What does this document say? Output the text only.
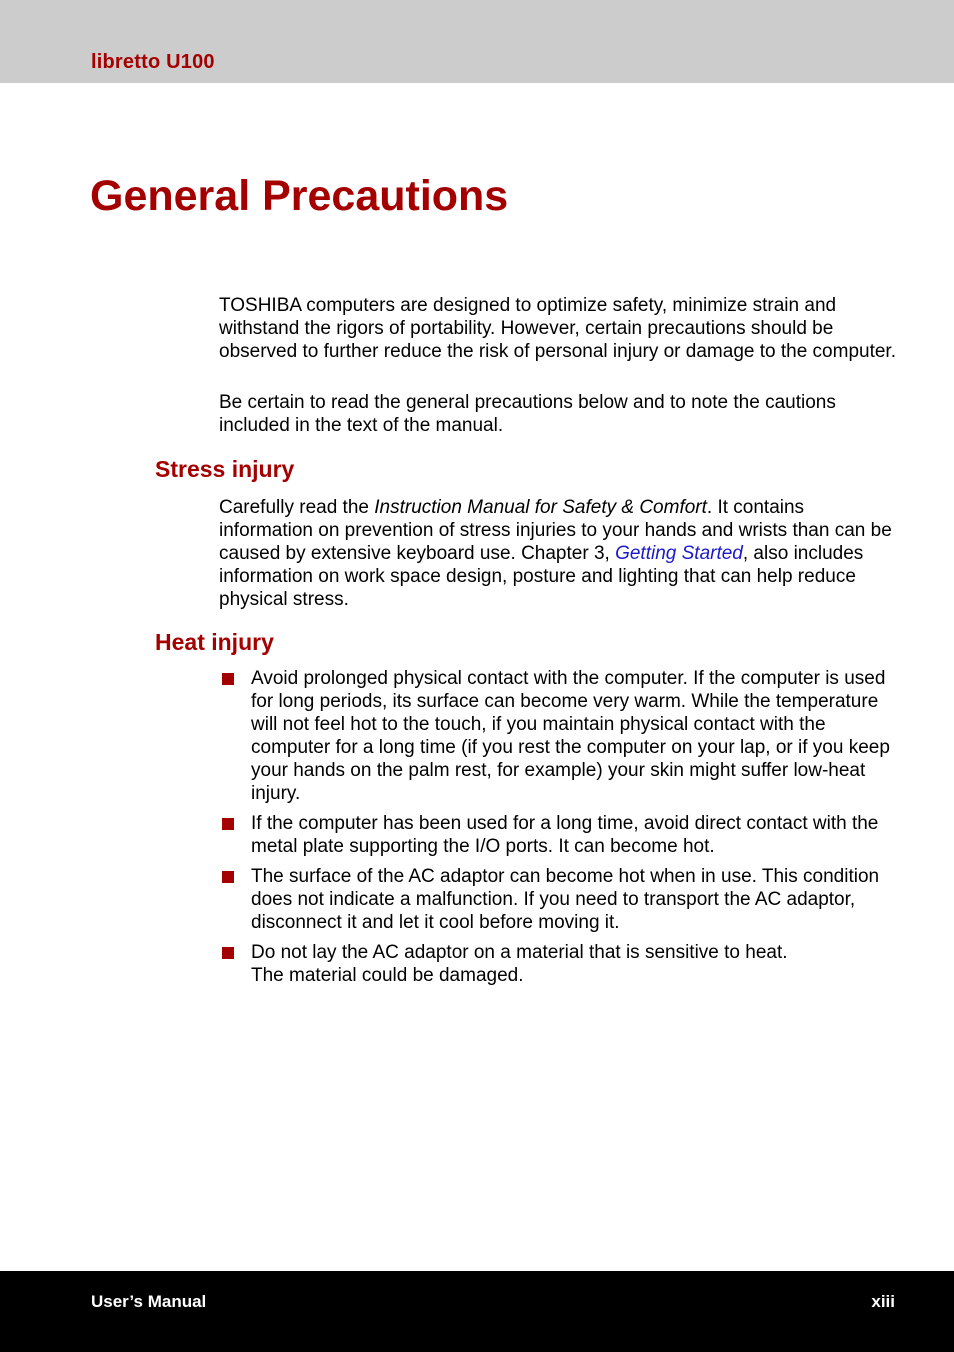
libretto U100
General Precautions

TOSHIBA computers are designed to optimize safety, minimize strain and withstand the rigors of portability. However, certain precautions should be observed to further reduce the risk of personal injury or damage to the computer.

Be certain to read the general precautions below and to note the cautions included in the text of the manual.

Stress injury

Carefully read the Instruction Manual for Safety & Comfort. It contains information on prevention of stress injuries to your hands and wrists than can be caused by extensive keyboard use. Chapter 3, Getting Started, also includes information on work space design, posture and lighting that can help reduce physical stress.

Heat injury
Avoid prolonged physical contact with the computer. If the computer is used for long periods, its surface can become very warm. While the temperature will not feel hot to the touch, if you maintain physical contact with the computer for a long time (if you rest the computer on your lap, or if you keep your hands on the palm rest, for example) your skin might suffer low-heat injury.
If the computer has been used for a long time, avoid direct contact with the metal plate supporting the I/O ports. It can become hot.
The surface of the AC adaptor can become hot when in use. This condition does not indicate a malfunction. If you need to transport the AC adaptor, disconnect it and let it cool before moving it.
Do not lay the AC adaptor on a material that is sensitive to heat.
The material could be damaged.
User’s Manual	xiii
